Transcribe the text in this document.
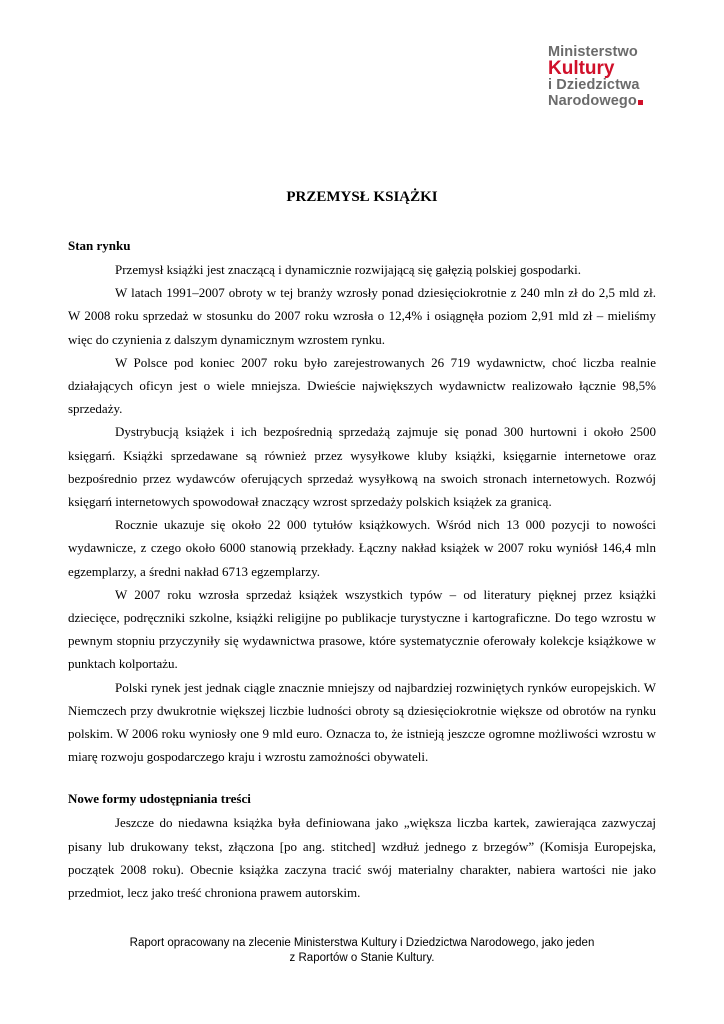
Ministerstwo
Kultury
i Dziedzictwa
Narodowego
PRZEMYSŁ KSIĄŻKI

Stan rynku

Przemysł książki jest znaczącą i dynamicznie rozwijającą się gałęzią polskiej gospodarki.

W latach 1991–2007 obroty w tej branży wzrosły ponad dziesięciokrotnie z 240 mln zł do 2,5 mld zł. W 2008 roku sprzedaż w stosunku do 2007 roku wzrosła o 12,4% i osiągnęła poziom 2,91 mld zł – mieliśmy więc do czynienia z dalszym dynamicznym wzrostem rynku.

W Polsce pod koniec 2007 roku było zarejestrowanych 26 719 wydawnictw, choć liczba realnie działających oficyn jest o wiele mniejsza. Dwieście największych wydawnictw realizowało łącznie 98,5% sprzedaży.

Dystrybucją książek i ich bezpośrednią sprzedażą zajmuje się ponad 300 hurtowni i około 2500 księgarń. Książki sprzedawane są również przez wysyłkowe kluby książki, księgarnie internetowe oraz bezpośrednio przez wydawców oferujących sprzedaż wysyłkową na swoich stronach internetowych. Rozwój księgarń internetowych spowodował znaczący wzrost sprzedaży polskich książek za granicą.

Rocznie ukazuje się około 22 000 tytułów książkowych. Wśród nich 13 000 pozycji to nowości wydawnicze, z czego około 6000 stanowią przekłady. Łączny nakład książek w 2007 roku wyniósł 146,4 mln egzemplarzy, a średni nakład 6713 egzemplarzy.

W 2007 roku wzrosła sprzedaż książek wszystkich typów – od literatury pięknej przez książki dziecięce, podręczniki szkolne, książki religijne po publikacje turystyczne i kartograficzne. Do tego wzrostu w pewnym stopniu przyczyniły się wydawnictwa prasowe, które systematycznie oferowały kolekcje książkowe w punktach kolportażu.

Polski rynek jest jednak ciągle znacznie mniejszy od najbardziej rozwiniętych rynków europejskich. W Niemczech przy dwukrotnie większej liczbie ludności obroty są dziesięciokrotnie większe od obrotów na rynku polskim. W 2006 roku wyniosły one 9 mld euro. Oznacza to, że istnieją jeszcze ogromne możliwości wzrostu w miarę rozwoju gospodarczego kraju i wzrostu zamożności obywateli.

Nowe formy udostępniania treści

Jeszcze do niedawna książka była definiowana jako „większa liczba kartek, zawierająca zazwyczaj pisany lub drukowany tekst, złączona [po ang. stitched] wzdłuż jednego z brzegów” (Komisja Europejska, początek 2008 roku). Obecnie książka zaczyna tracić swój materialny charakter, nabiera wartości nie jako przedmiot, lecz jako treść chroniona prawem autorskim.

Raport opracowany na zlecenie Ministerstwa Kultury i Dziedzictwa Narodowego, jako jeden
z Raportów o Stanie Kultury.
